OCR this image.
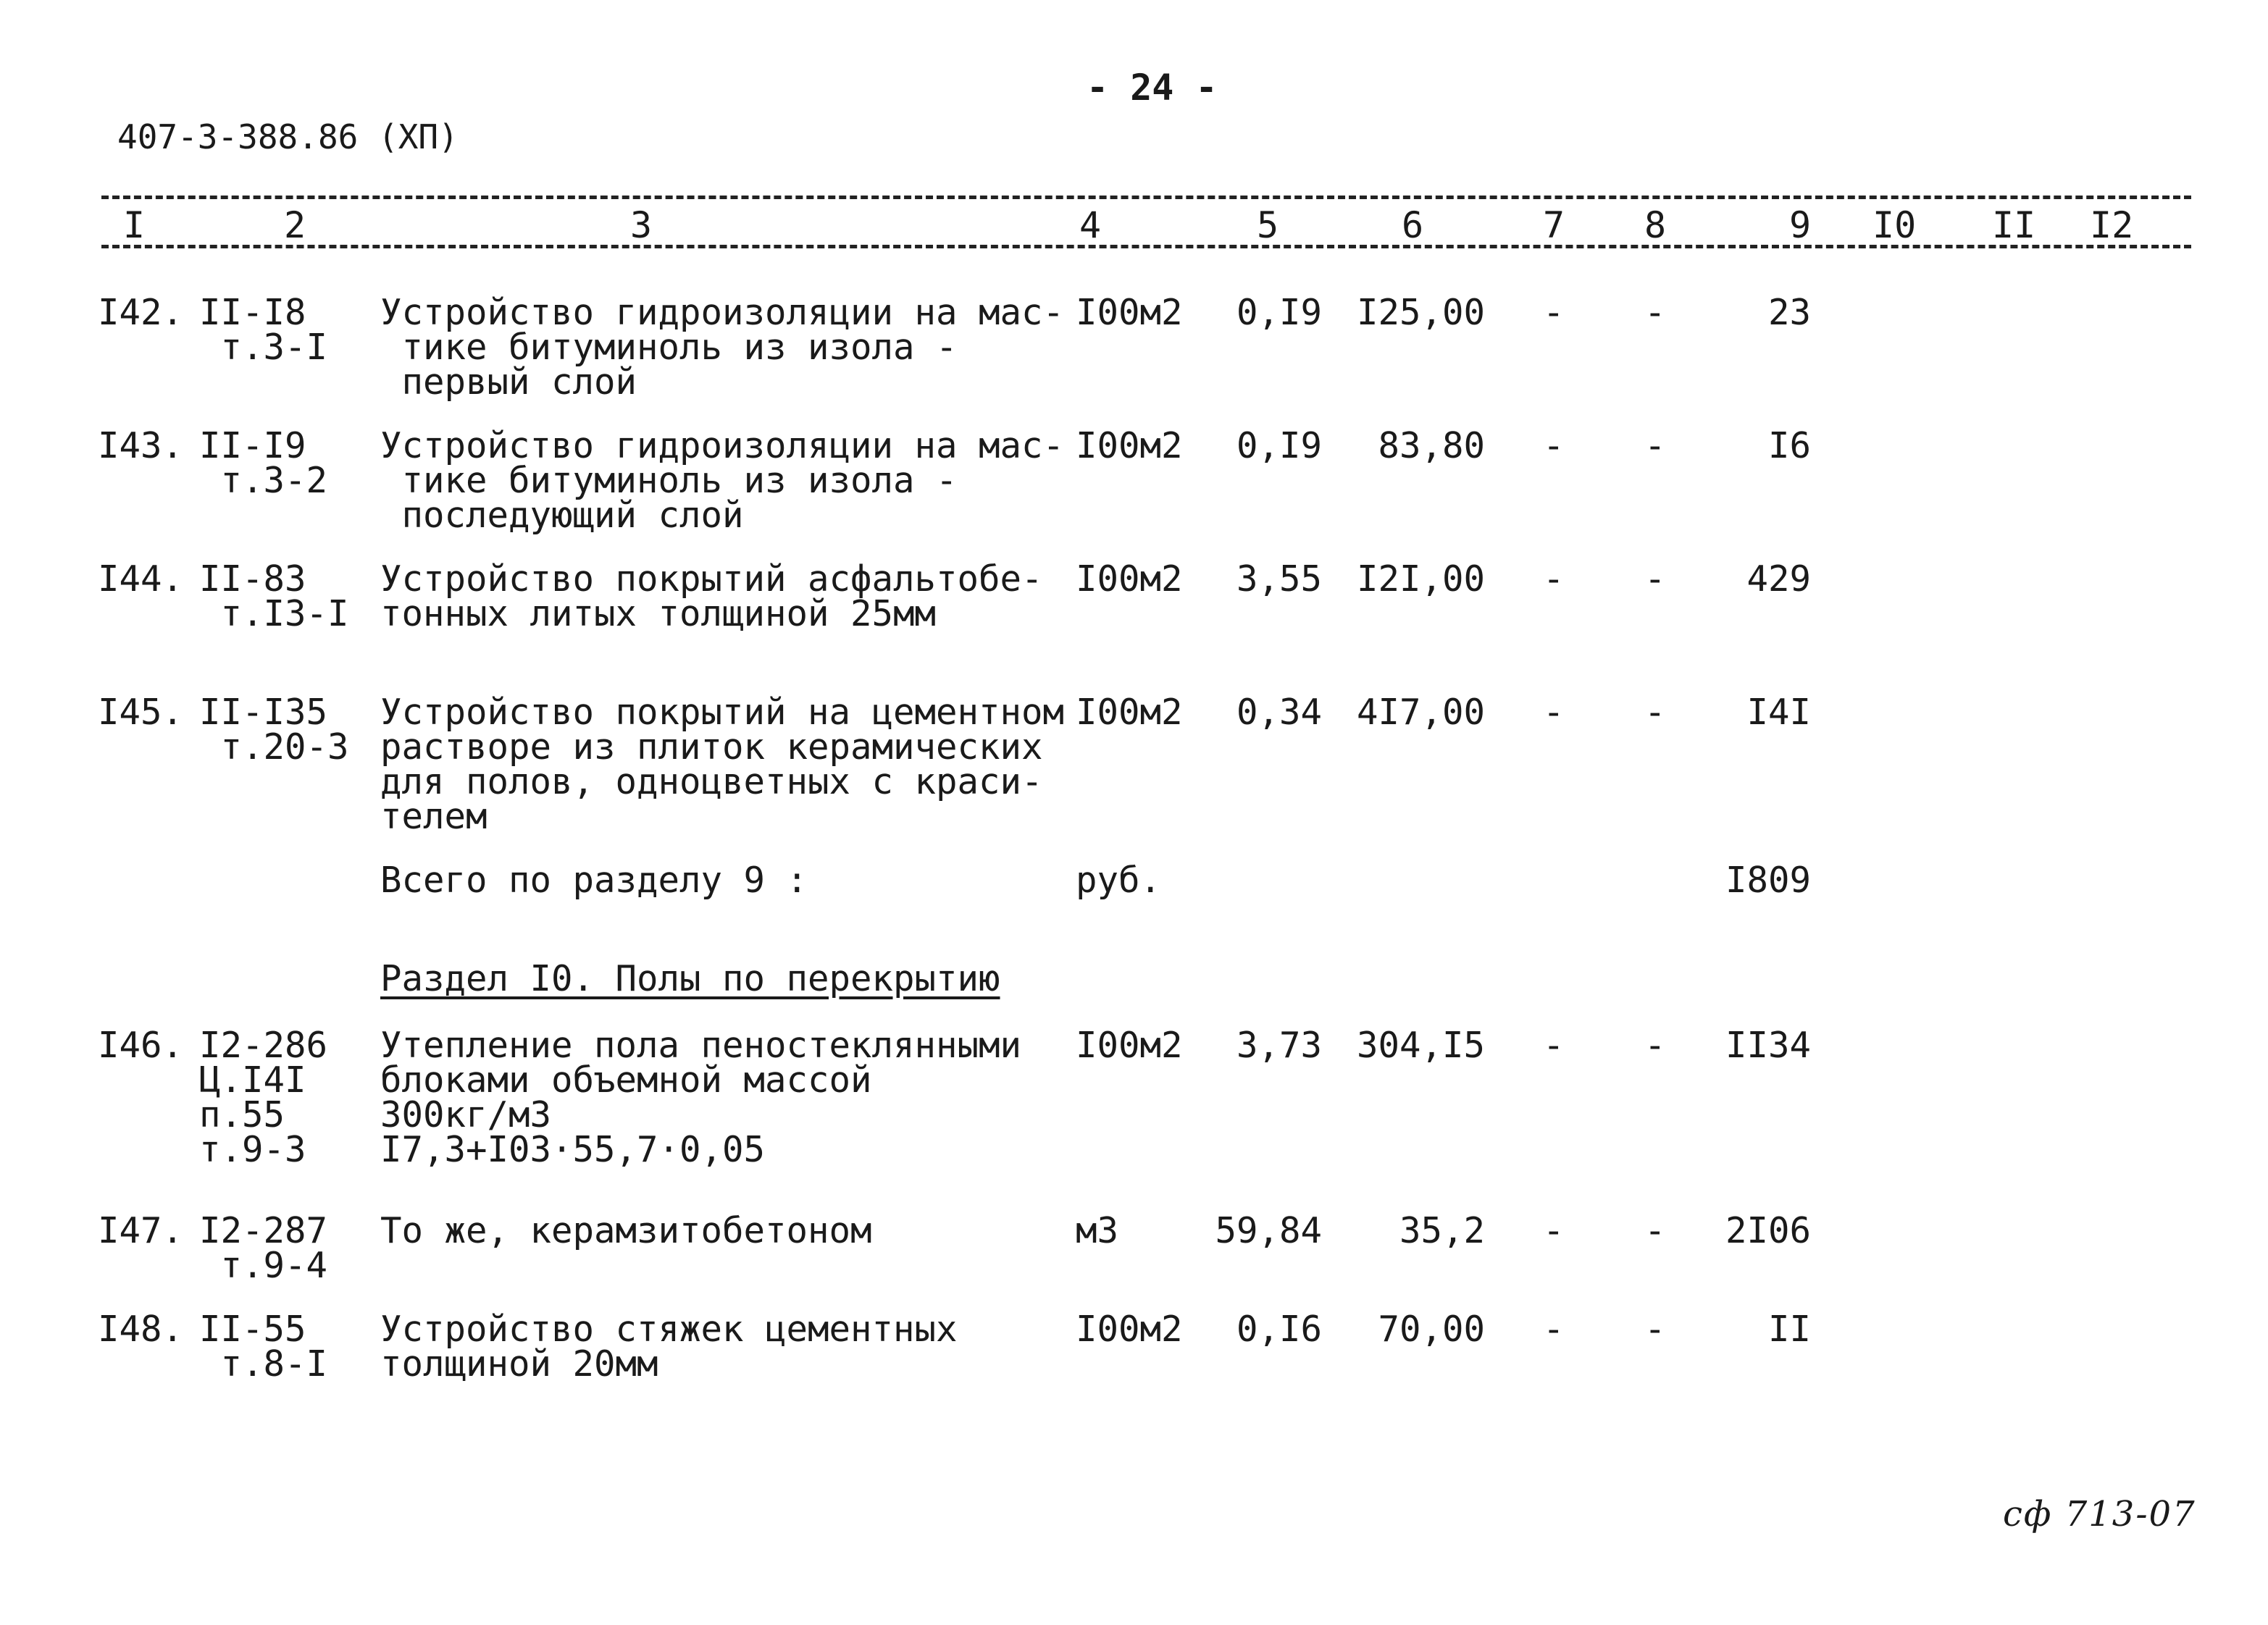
- 24 -
407-3-388.86 (ХП)
I	2	3	4	5	6	7 8	9 I0 II I2
I42. II-I8
т.3-I
Устройство гидроизоляции на мас-
тике битуминоль из изола -
первый слой
I00м2	0,I9 I25,00 - -	23
I43. II-I9
т.3-2
Устройство гидроизоляции на мас-
тике битуминоль из изола -
последующий слой
I00м2	0,I9	83,80 - -	I6
I44. II-83
т.I3-I
Устройство покрытий асфальтобе-
тонных литых толщиной 25мм
I00м2	3,55 I2I,00 - -	429
I45. II-I35
т.20-3
Устройство покрытий на цементном
растворе из плиток керамических
для полов, одноцветных с краси-
телем
I00м2	0,34 4I7,00 - -	I4I
Всего по разделу 9 :	руб.	I809
Раздел I0. Полы по перекрытию
I46. I2-286
Ц.I4I
п.55
т.9-3
Утепление пола пеностеклянными
блоками объемной массой
300кг/м3
I7,3+I03·55,7·0,05
I00м2	3,73 304,I5 - -	II34
I47. I2-287
т.9-4
То же, керамзитобетоном	м3	59,84	35,2 - -	2I06
I48. II-55
т.8-I
Устройство стяжек цементных
толщиной 20мм
I00м2	0,I6	70,00 - -	II
сф 713-07
